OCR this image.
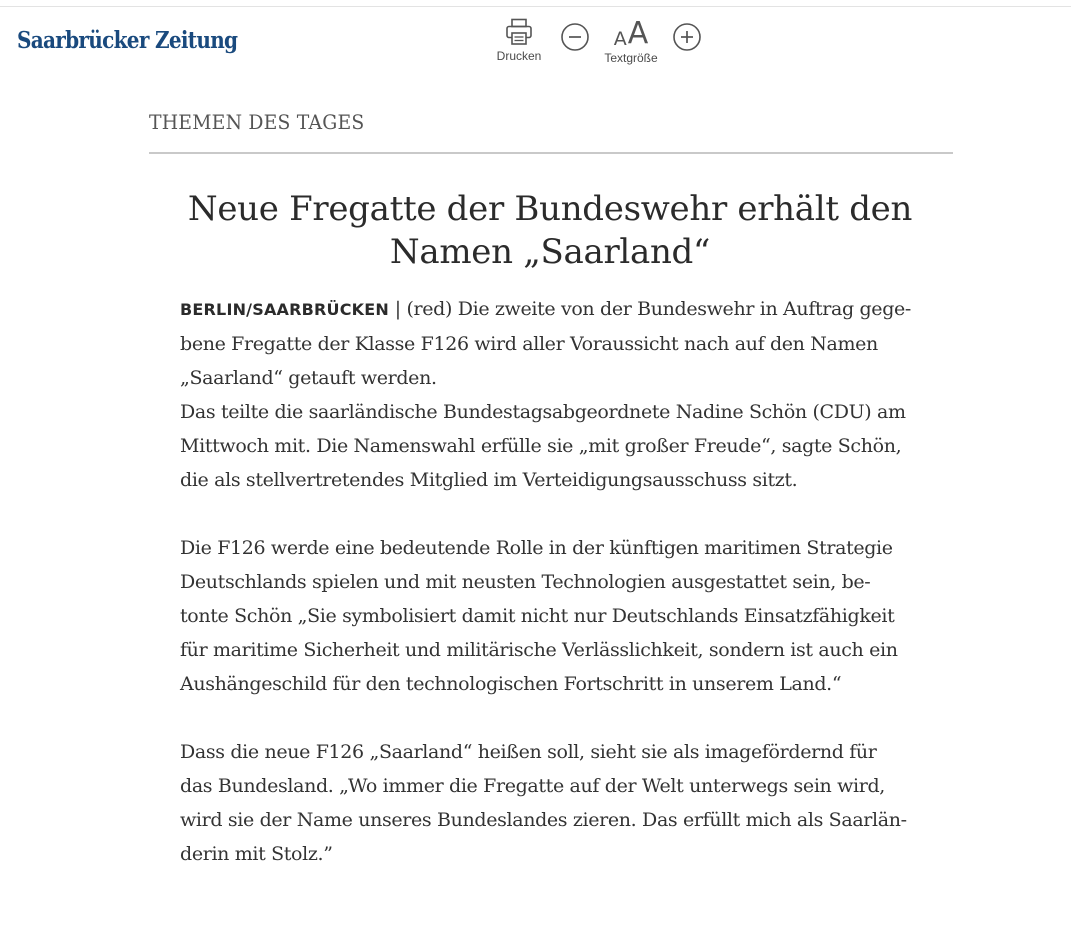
Saarbrücker Zeitung
Drucken
A A
Textgröße
THEMEN DES TAGES
Neue Fregatte der Bundeswehr erhält den
Namen „Saarland“

BERLIN/SAARBRÜCKEN | (red) Die zweite von der Bundeswehr in Auftrag gege-
bene Fregatte der Klasse F126 wird aller Voraussicht nach auf den Namen
„Saarland“ getauft werden.
Das teilte die saarländische Bundestagsabgeordnete Nadine Schön (CDU) am
Mittwoch mit. Die Namenswahl erfülle sie „mit großer Freude“, sagte Schön,
die als stellvertretendes Mitglied im Verteidigungsausschuss sitzt.

Die F126 werde eine bedeutende Rolle in der künftigen maritimen Strategie
Deutschlands spielen und mit neusten Technologien ausgestattet sein, be-
tonte Schön „Sie symbolisiert damit nicht nur Deutschlands Einsatzfähigkeit
für maritime Sicherheit und militärische Verlässlichkeit, sondern ist auch ein
Aushängeschild für den technologischen Fortschritt in unserem Land.“

Dass die neue F126 „Saarland“ heißen soll, sieht sie als imagefördernd für
das Bundesland. „Wo immer die Fregatte auf der Welt unterwegs sein wird,
wird sie der Name unseres Bundeslandes zieren. Das erfüllt mich als Saarlän-
derin mit Stolz.”
